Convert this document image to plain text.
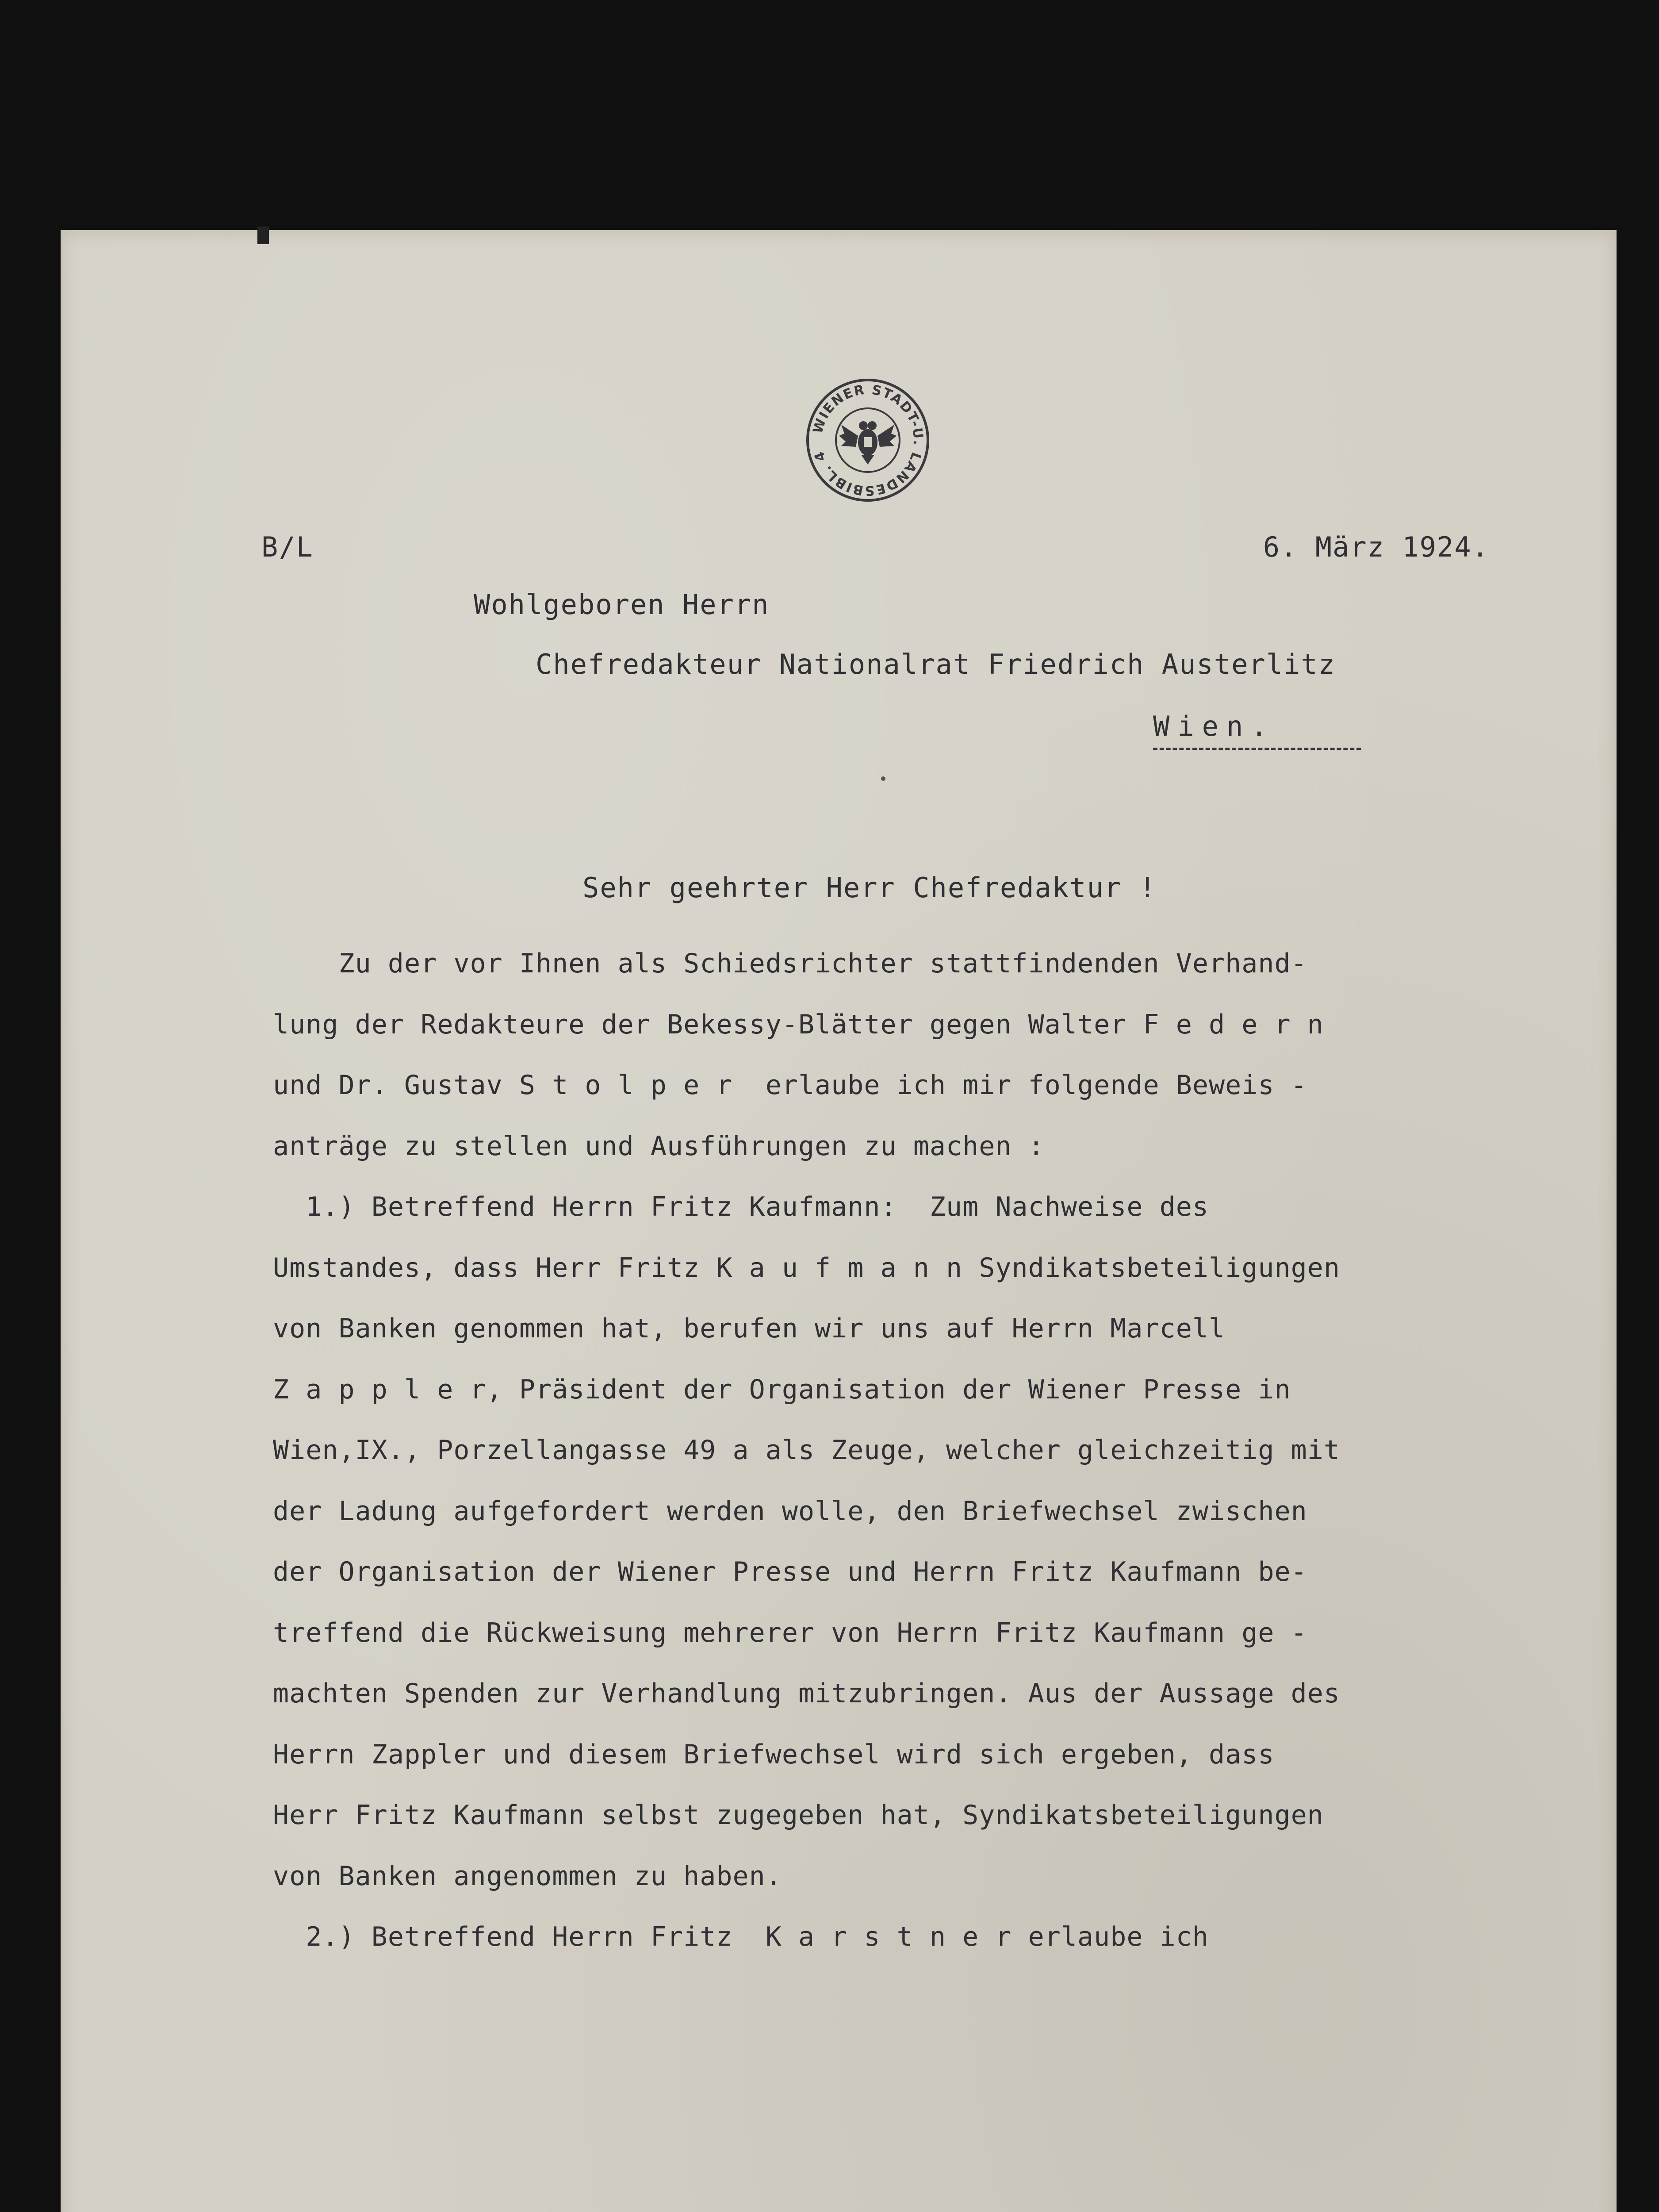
WIENER STADT-U. LANDESBIBL. 4
B/L	6. März 1924.
Wohlgeboren Herrn
Chefredakteur Nationalrat Friedrich Austerlitz
Wien.
Sehr geehrter Herr Chefredaktur !
Zu der vor Ihnen als Schiedsrichter stattfindenden Verhand-
lung der Redakteure der Bekessy-Blätter gegen Walter F e d e r n
und Dr. Gustav S t o l p e r  erlaube ich mir folgende Beweis -
anträge zu stellen und Ausführungen zu machen :
1.) Betreffend Herrn Fritz Kaufmann:  Zum Nachweise des
Umstandes, dass Herr Fritz K a u f m a n n Syndikatsbeteiligungen
von Banken genommen hat, berufen wir uns auf Herrn Marcell
Z a p p l e r, Präsident der Organisation der Wiener Presse in
Wien,IX., Porzellangasse 49 a als Zeuge, welcher gleichzeitig mit
der Ladung aufgefordert werden wolle, den Briefwechsel zwischen
der Organisation der Wiener Presse und Herrn Fritz Kaufmann be-
treffend die Rückweisung mehrerer von Herrn Fritz Kaufmann ge -
machten Spenden zur Verhandlung mitzubringen. Aus der Aussage des
Herrn Zappler und diesem Briefwechsel wird sich ergeben, dass
Herr Fritz Kaufmann selbst zugegeben hat, Syndikatsbeteiligungen
von Banken angenommen zu haben.
2.) Betreffend Herrn Fritz  K a r s t n e r erlaube ich
